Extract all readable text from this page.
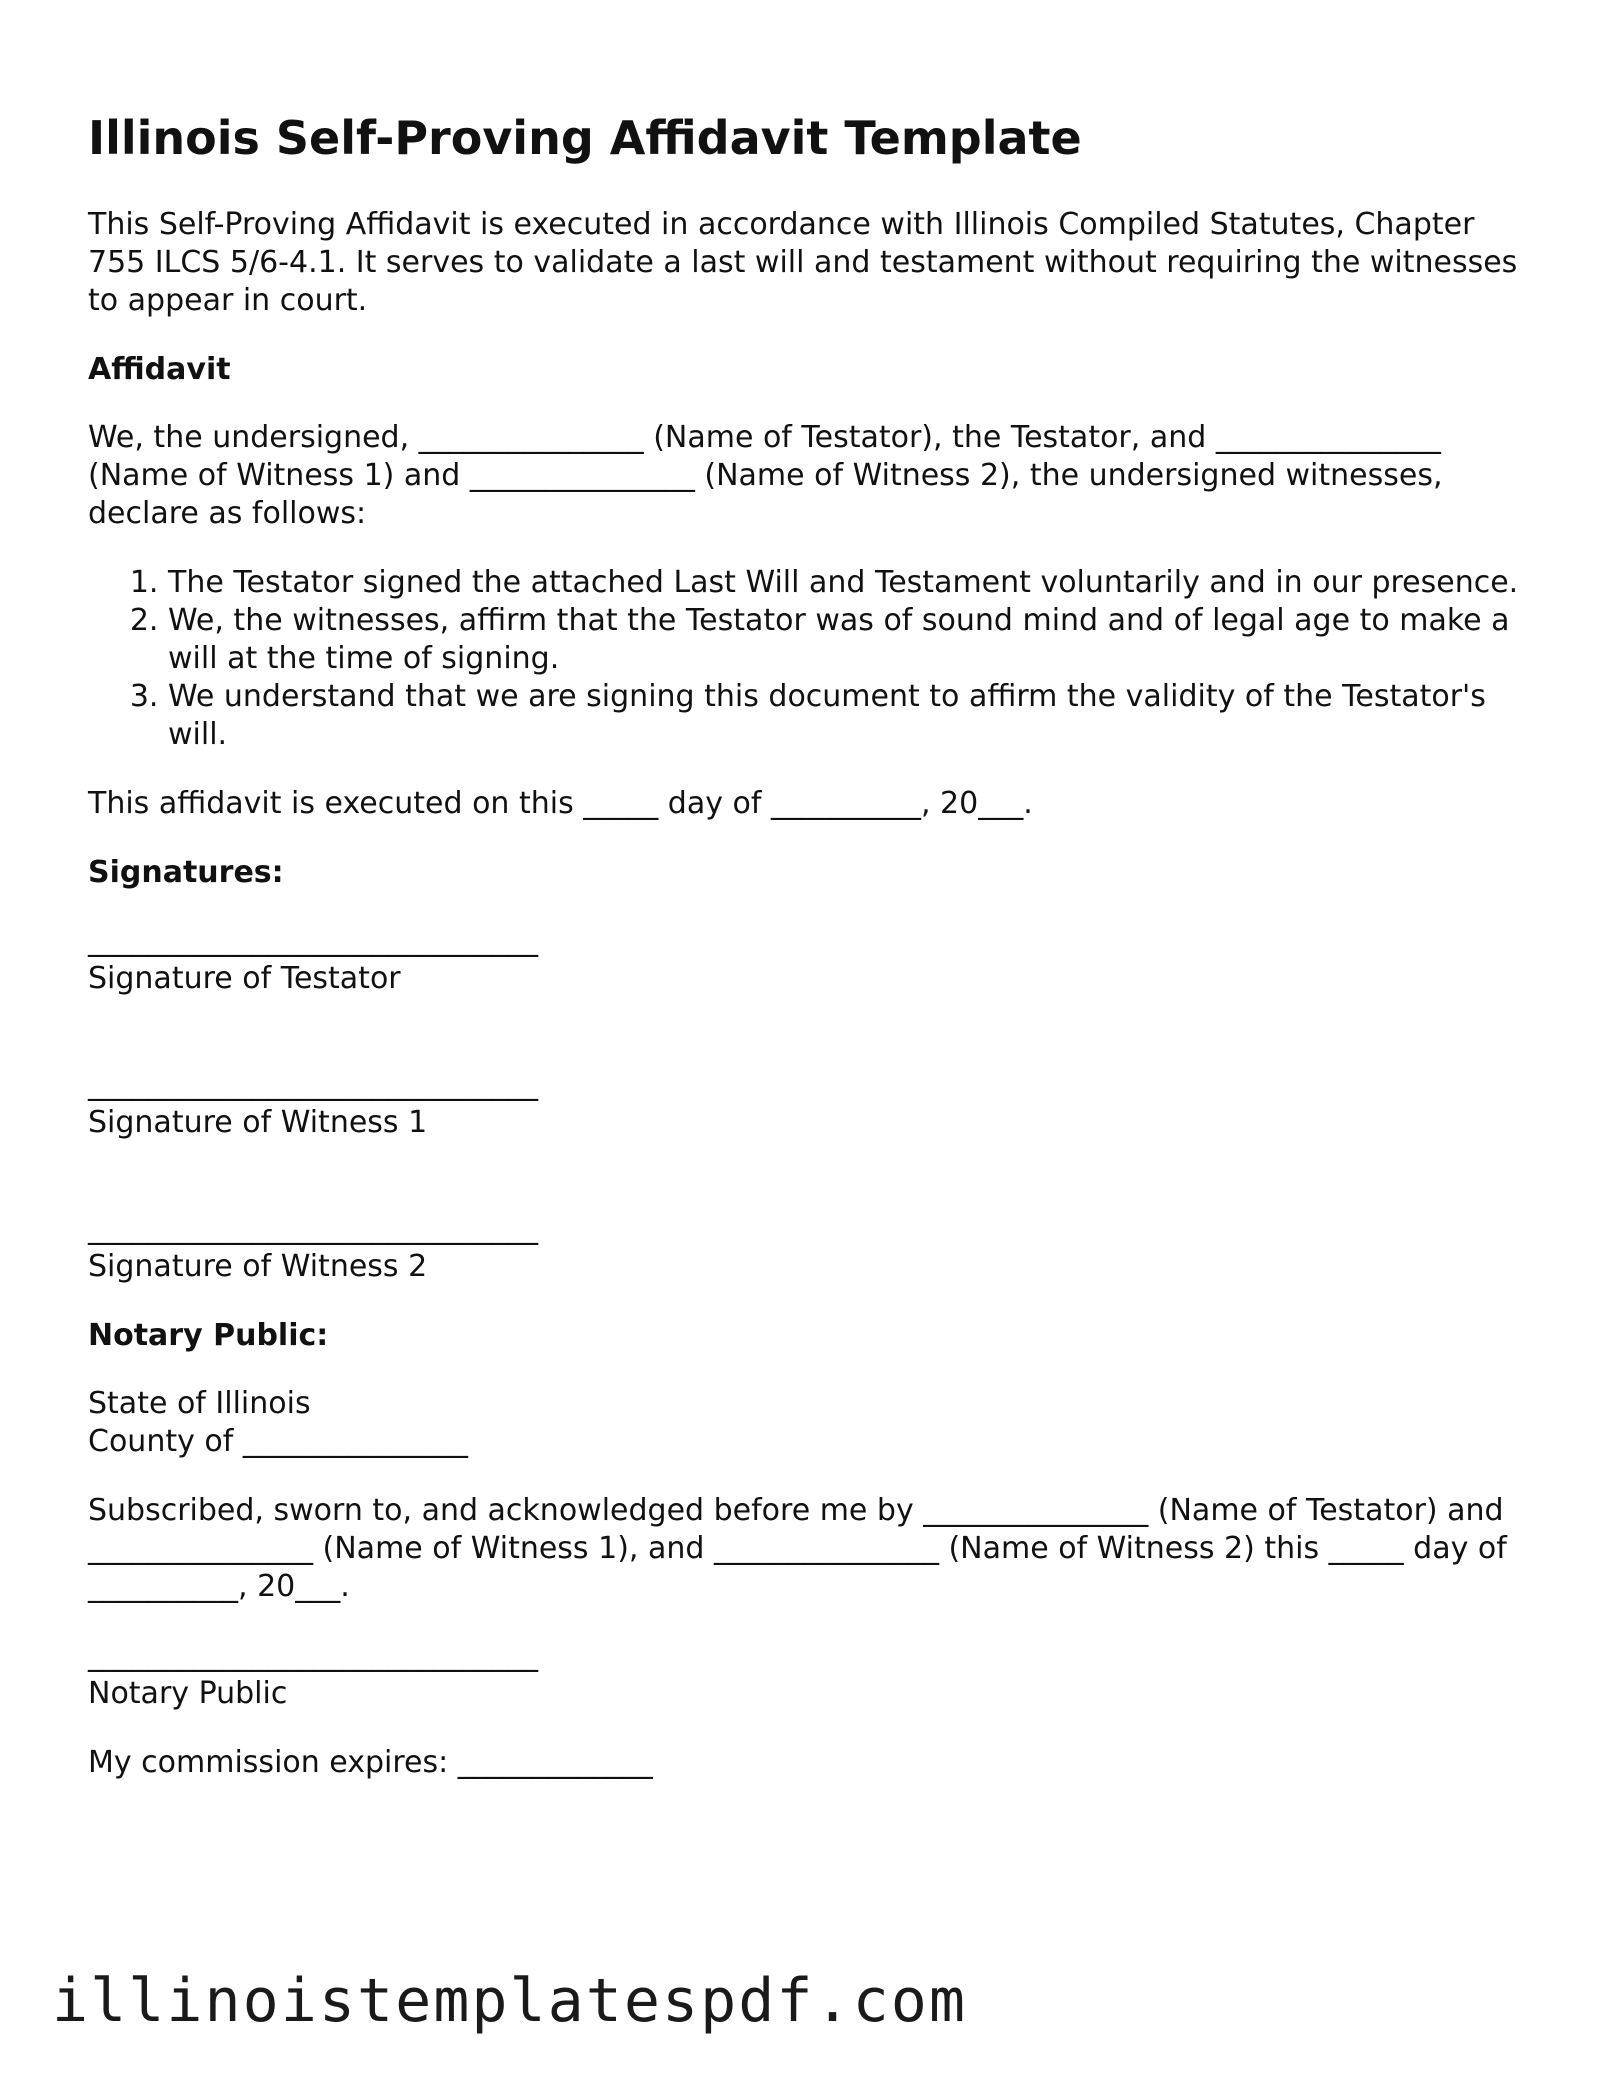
Illinois Self-Proving Affidavit Template

This Self-Proving Affidavit is executed in accordance with Illinois Compiled Statutes, Chapter 755 ILCS 5/6-4.1. It serves to validate a last will and testament without requiring the witnesses to appear in court.

Affidavit

We, the undersigned, _______________ (Name of Testator), the Testator, and _______________ (Name of Witness 1) and _______________ (Name of Witness 2), the undersigned witnesses, declare as follows:

1. The Testator signed the attached Last Will and Testament voluntarily and in our presence.
2. We, the witnesses, affirm that the Testator was of sound mind and of legal age to make a will at the time of signing.
3. We understand that we are signing this document to affirm the validity of the Testator's will.

This affidavit is executed on this _____ day of __________, 20___.

Signatures:
______________________________
Signature of Testator
______________________________
Signature of Witness 1
______________________________
Signature of Witness 2
Notary Public:

State of Illinois
County of _______________

Subscribed, sworn to, and acknowledged before me by _______________ (Name of Testator) and _______________ (Name of Witness 1), and _______________ (Name of Witness 2) this _____ day of __________, 20___.

______________________________
Notary Public

My commission expires: _____________

illinoistemplatespdf.com
